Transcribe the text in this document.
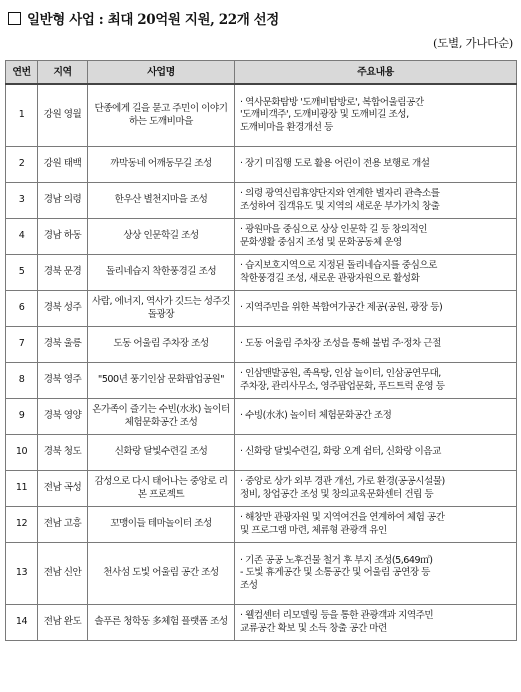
일반형 사업 : 최대 20억원 지원, 22개 선정
(도별, 가나다순)
연번	지역	사업명	주요내용
1	강원 영월	단종에게 길을 묻고 주민이 이야기하는 도깨비마을	· 역사문화탐방 '도깨비탐방로', 복합어울림공간
'도깨비객주', 도깨비광장 및 도깨비길 조성,
도깨비마을 환경개선 등

2	강원 태백	까막동네 어깨동무길 조성	· 장기 미집행 도로 활용 어린이 전용 보행로 개설

3	경남 의령	한우산 별천지마을 조성	· 의령 광역신림휴양단지와 연계한 별자리 관측소를
조성하여 집객유도 및 지역의 새로운 부가가치 창출

4	경남 하동	상상 인문학길 조성	· 광원마을 중심으로 상상 인문학 길 등 창의적인
문화생활 중심지 조성 및 문화공동체 운영

5	경북 문경	돌리네습지 착한풍경길 조성	· 습지보호지역으로 지정된 돌리네습지를 중심으로
착한풍경길 조성, 새로운 관광자원으로 활성화

6	경북 성주	사람, 에너지, 역사가 깃드는 성주깃돌광장	· 지역주민을 위한 복합여가공간 제공(공원, 광장 등)

7	경북 울릉	도동 어울림 주차장 조성	· 도동 어울림 주차장 조성을 통해 불법 주·정차 근절

8	경북 영주	"500년 풍기인삼 문화팝업공원"	· 인삼맨발공원, 족욕탕, 인삼 놀이터, 인삼공연무대,
주차장, 관리사무소, 영주팝업문화, 푸드트럭 운영 등

9	경북 영양	온가족이 즐기는 수빈(水氷) 놀이터 체험문화공간 조성	· 수빙(水氷) 놀이터 체험문화공간 조정

10	경북 청도	신화랑 달빛수련길 조성	· 신화랑 달빛수련길, 화랑 오계 쉼터, 신화랑 이음교

11	전남 곡성	감성으로 다시 태어나는 중앙로 리본 프로젝트	· 중앙로 상가 외부 경관 개선, 가로 환경(공공시설물)
정비, 창업공간 조성 및 창의교육문화센터 건립 등

12	전남 고흥	꼬맹이들 테마놀이터 조성	· 해창만 관광자원 및 지역여건을 연계하여 체험 공간
및 프로그램 마련, 체류형 관광객 유인

13	전남 신안	천사섬 도빛 어울림 공간 조성	· 기존 공공 노후건물 철거 후 부지 조성(5,649㎡)
- 도빛 휴게공간 및 소통공간 및 어울림 공연장 등
조성

14	전남 완도	솔푸른 청학동 多체험 플랫폼 조성	· 웰컴센터 리모델링 등을 통한 관광객과 지역주민
교류공간 확보 및 소득 창출 공간 마련
